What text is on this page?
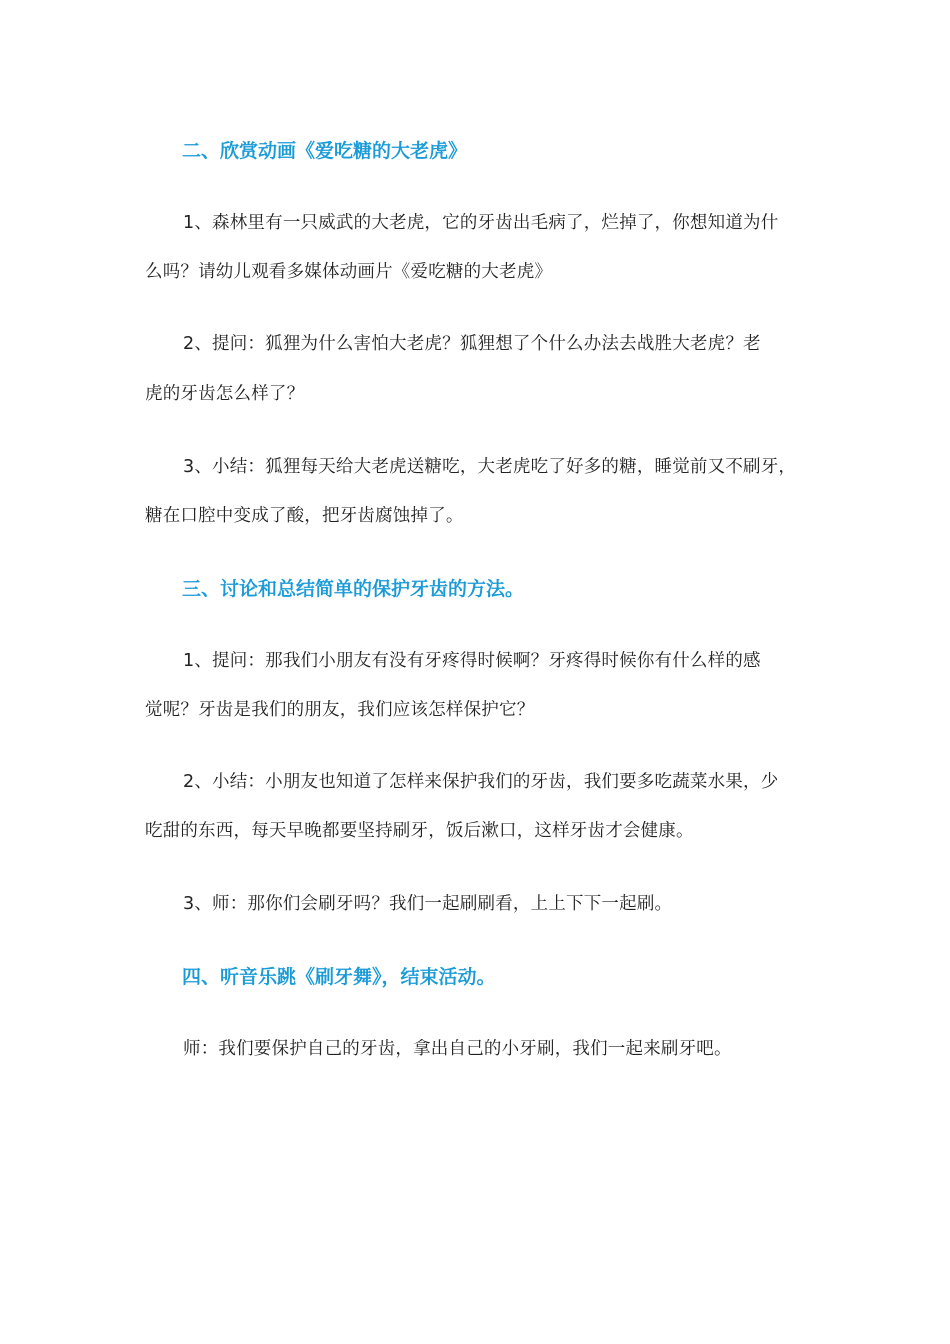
二、欣赏动画《爱吃糖的大老虎》
1、森林里有一只威武的大老虎，它的牙齿出毛病了，烂掉了，你想知道为什
么吗？请幼儿观看多媒体动画片《爱吃糖的大老虎》
2、提问：狐狸为什么害怕大老虎？狐狸想了个什么办法去战胜大老虎？老
虎的牙齿怎么样了？
3、小结：狐狸每天给大老虎送糖吃，大老虎吃了好多的糖，睡觉前又不刷牙，
糖在口腔中变成了酸，把牙齿腐蚀掉了。
三、讨论和总结简单的保护牙齿的方法。
1、提问：那我们小朋友有没有牙疼得时候啊？牙疼得时候你有什么样的感
觉呢？牙齿是我们的朋友，我们应该怎样保护它？
2、小结：小朋友也知道了怎样来保护我们的牙齿，我们要多吃蔬菜水果，少
吃甜的东西，每天早晚都要坚持刷牙，饭后漱口，这样牙齿才会健康。
3、师：那你们会刷牙吗？我们一起刷刷看，上上下下一起刷。
四、听音乐跳《刷牙舞》，结束活动。
师：我们要保护自己的牙齿，拿出自己的小牙刷，我们一起来刷牙吧。
